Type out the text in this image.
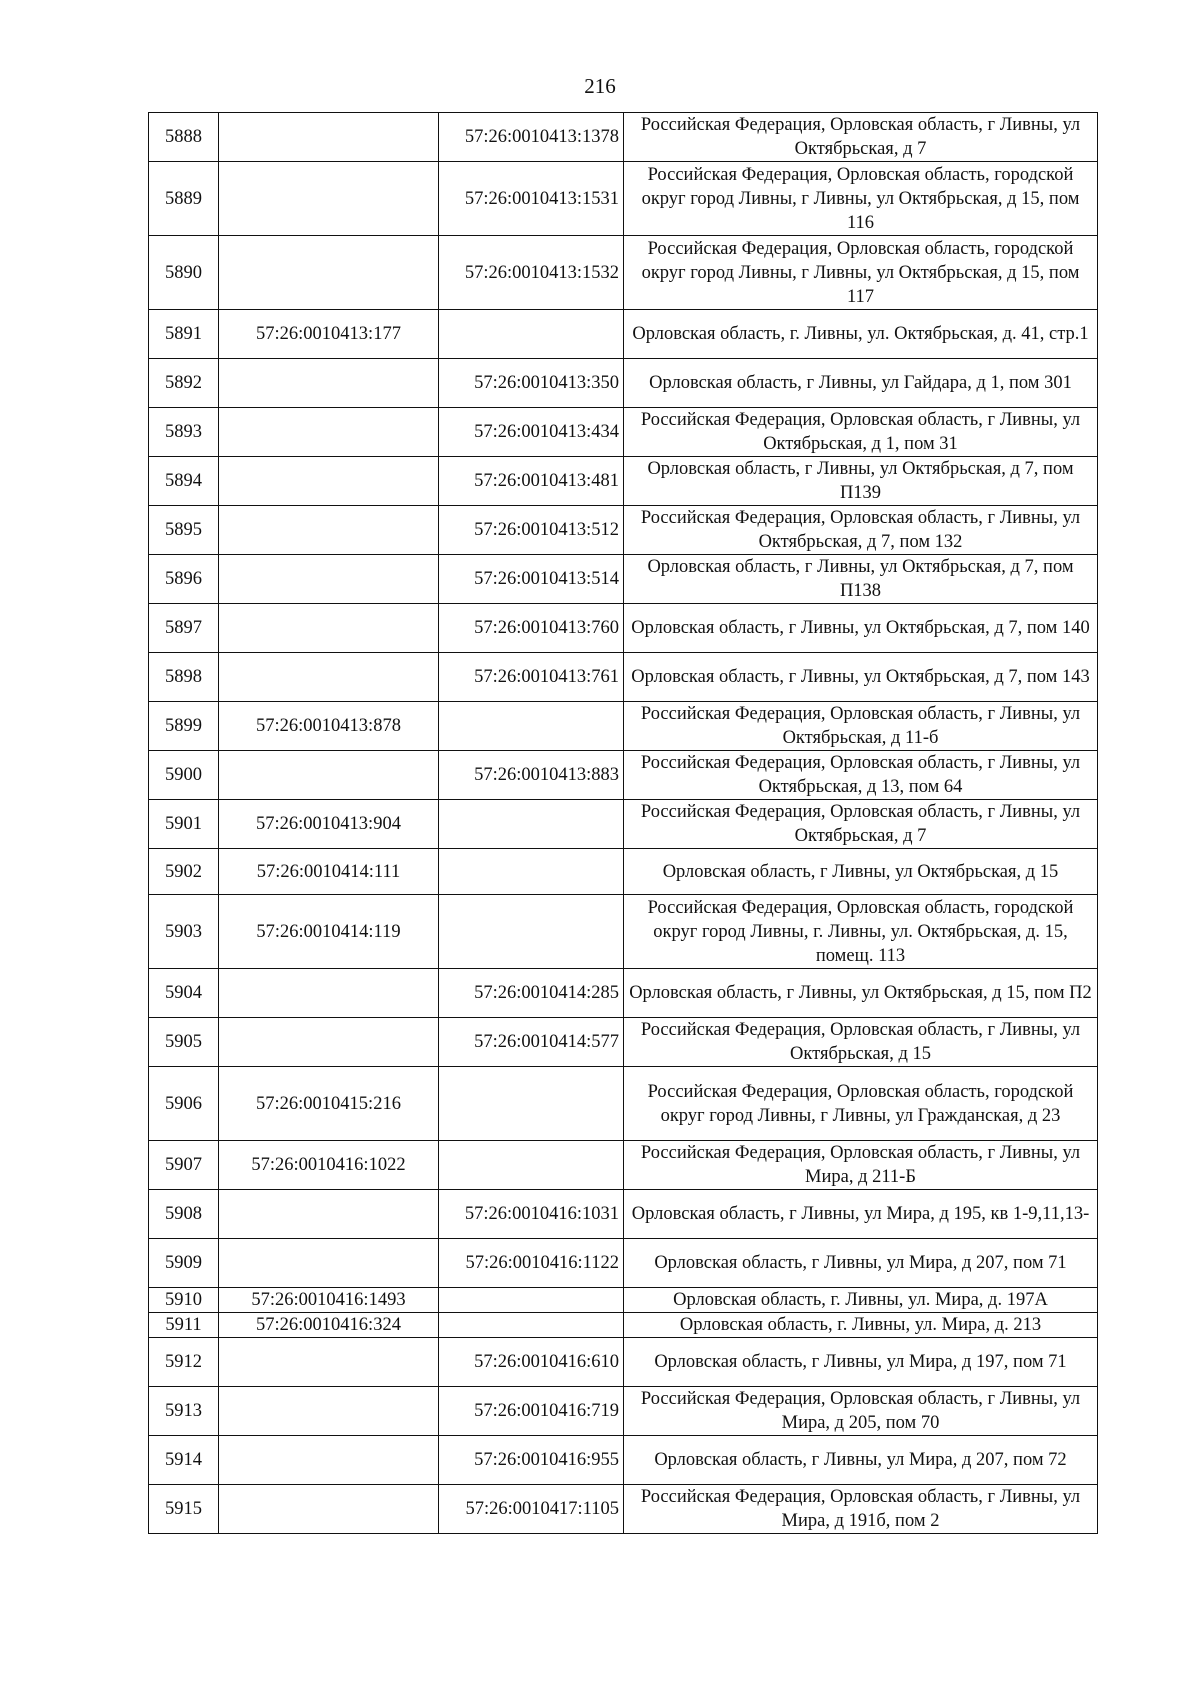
216
5888		57:26:0010413:1378	Российская Федерация, Орловская область, г Ливны, ул Октябрьская, д 7
5889		57:26:0010413:1531	Российская Федерация, Орловская область, городской округ город Ливны, г Ливны, ул Октябрьская, д 15, пом 116
5890		57:26:0010413:1532	Российская Федерация, Орловская область, городской округ город Ливны, г Ливны, ул Октябрьская, д 15, пом 117
5891	57:26:0010413:177		Орловская область, г. Ливны, ул. Октябрьская, д. 41, стр.1
5892		57:26:0010413:350	Орловская область, г Ливны, ул Гайдара, д 1, пом 301
5893		57:26:0010413:434	Российская Федерация, Орловская область, г Ливны, ул Октябрьская, д 1, пом 31
5894		57:26:0010413:481	Орловская область, г Ливны, ул Октябрьская, д 7, пом П139
5895		57:26:0010413:512	Российская Федерация, Орловская область, г Ливны, ул Октябрьская, д 7, пом 132
5896		57:26:0010413:514	Орловская область, г Ливны, ул Октябрьская, д 7, пом П138
5897		57:26:0010413:760	Орловская область, г Ливны, ул Октябрьская, д 7, пом 140
5898		57:26:0010413:761	Орловская область, г Ливны, ул Октябрьская, д 7, пом 143
5899	57:26:0010413:878		Российская Федерация, Орловская область, г Ливны, ул Октябрьская, д 11-б
5900		57:26:0010413:883	Российская Федерация, Орловская область, г Ливны, ул Октябрьская, д 13, пом 64
5901	57:26:0010413:904		Российская Федерация, Орловская область, г Ливны, ул Октябрьская, д 7
5902	57:26:0010414:111		Орловская область, г Ливны, ул Октябрьская, д 15
5903	57:26:0010414:119		Российская Федерация, Орловская область, городской округ город Ливны, г. Ливны, ул. Октябрьская, д. 15, помещ. 113
5904		57:26:0010414:285	Орловская область, г Ливны, ул Октябрьская, д 15, пом П2
5905		57:26:0010414:577	Российская Федерация, Орловская область, г Ливны, ул Октябрьская, д 15
5906	57:26:0010415:216		Российская Федерация, Орловская область, городской округ город Ливны, г Ливны, ул Гражданская, д 23
5907	57:26:0010416:1022		Российская Федерация, Орловская область, г Ливны, ул Мира, д 211-Б
5908		57:26:0010416:1031	Орловская область, г Ливны, ул Мира, д 195, кв 1-9,11,13-
5909		57:26:0010416:1122	Орловская область, г Ливны, ул Мира, д 207, пом 71
5910	57:26:0010416:1493		Орловская область, г. Ливны, ул. Мира, д. 197А
5911	57:26:0010416:324		Орловская область, г. Ливны, ул. Мира, д. 213
5912		57:26:0010416:610	Орловская область, г Ливны, ул Мира, д 197, пом 71
5913		57:26:0010416:719	Российская Федерация, Орловская область, г Ливны, ул Мира, д 205, пом 70
5914		57:26:0010416:955	Орловская область, г Ливны, ул Мира, д 207, пом 72
5915		57:26:0010417:1105	Российская Федерация, Орловская область, г Ливны, ул Мира, д 191б, пом 2
